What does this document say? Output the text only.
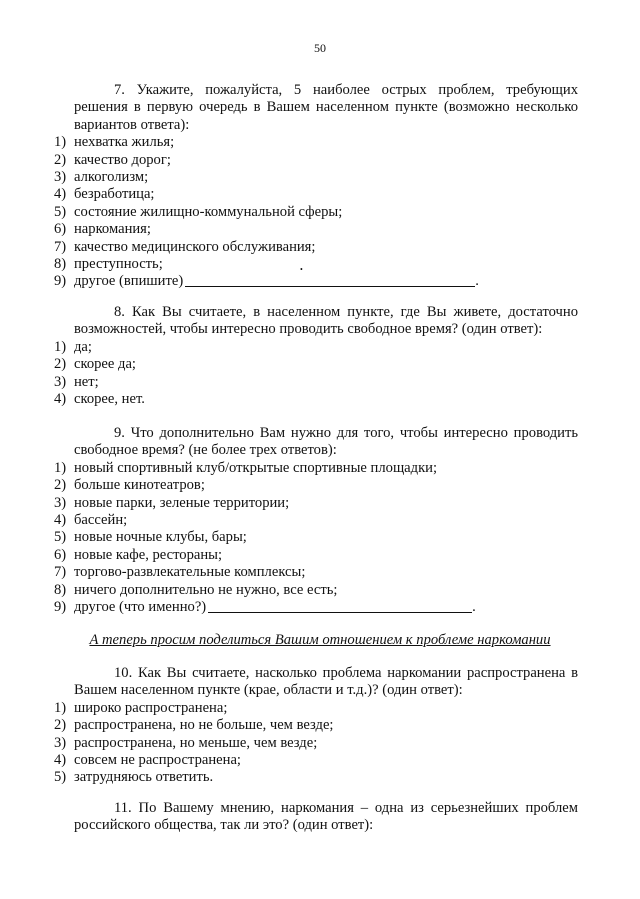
50

7. Укажите, пожалуйста, 5 наиболее острых проблем, требующих решения в первую очередь в Вашем населенном пункте (возможно несколько вариантов ответа):

1) нехватка жилья;
2) качество дорог;
3) алкоголизм;
4) безработица;
5) состояние жилищно-коммунальной сферы;
6) наркомания;
7) качество медицинского обслуживания;
8) преступность;
9) другое (впишите)	.
•

8. Как Вы считаете, в населенном пункте, где Вы живете, достаточно возможностей, чтобы интересно проводить свободное время? (один ответ):

1) да;
2) скорее да;
3) нет;
4) скорее, нет.

9. Что дополнительно Вам нужно для того, чтобы интересно проводить свободное время? (не более трех ответов):

1) новый спортивный клуб/открытые спортивные площадки;
2) больше кинотеатров;
3) новые парки, зеленые территории;
4) бассейн;
5) новые ночные клубы, бары;
6) новые кафе, рестораны;
7) торгово-развлекательные комплексы;
8) ничего дополнительно не нужно, все есть;
9) другое (что именно?)	.
А теперь просим поделиться Вашим отношением к проблеме наркомании

10. Как Вы считаете, насколько проблема наркомании распространена в Вашем населенном пункте (крае, области и т.д.)? (один ответ):

1) широко распространена;
2) распространена, но не больше, чем везде;
3) распространена, но меньше, чем везде;
4) совсем не распространена;
5) затрудняюсь ответить.

11. По Вашему мнению, наркомания – одна из серьезнейших проблем российского общества, так ли это? (один ответ):
